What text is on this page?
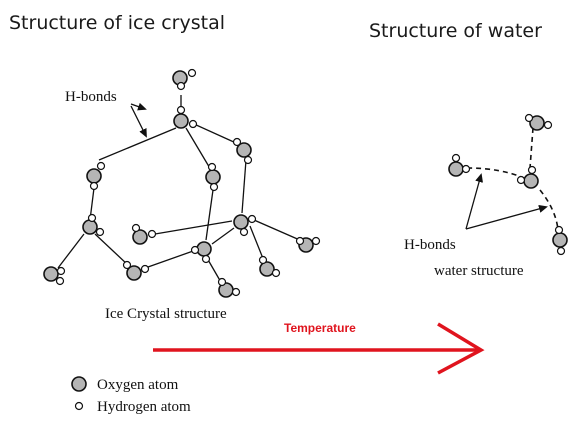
Structure of ice crystal	Structure of water
H-bonds
Ice Crystal structure
H-bonds
water structure
Temperature
Oxygen atom
Hydrogen atom
